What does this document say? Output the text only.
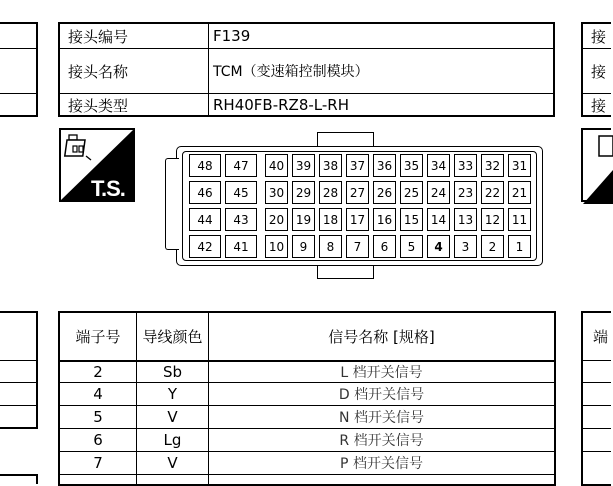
接
接
接
端
接头编号	F139
接头名称	TCM（变速箱控制模块）
接头类型	RH40FB-RZ8-L-RH
T.S.
48	47	40 39 38 37 36 35 34 33 32 31
46	45	30 29 28 27 26 25 24 23 22 21
44	43	20 19 18 17 16 15 14 13 12 11
42	41	10	9	8	7	6	5	4	3	2	1
端子号	导线颜色	信号名称 [规格]
2	Sb	L 档开关信号
4	Y	D 档开关信号
5	V	N 档开关信号
6	Lg	R 档开关信号
7	V	P 档开关信号
